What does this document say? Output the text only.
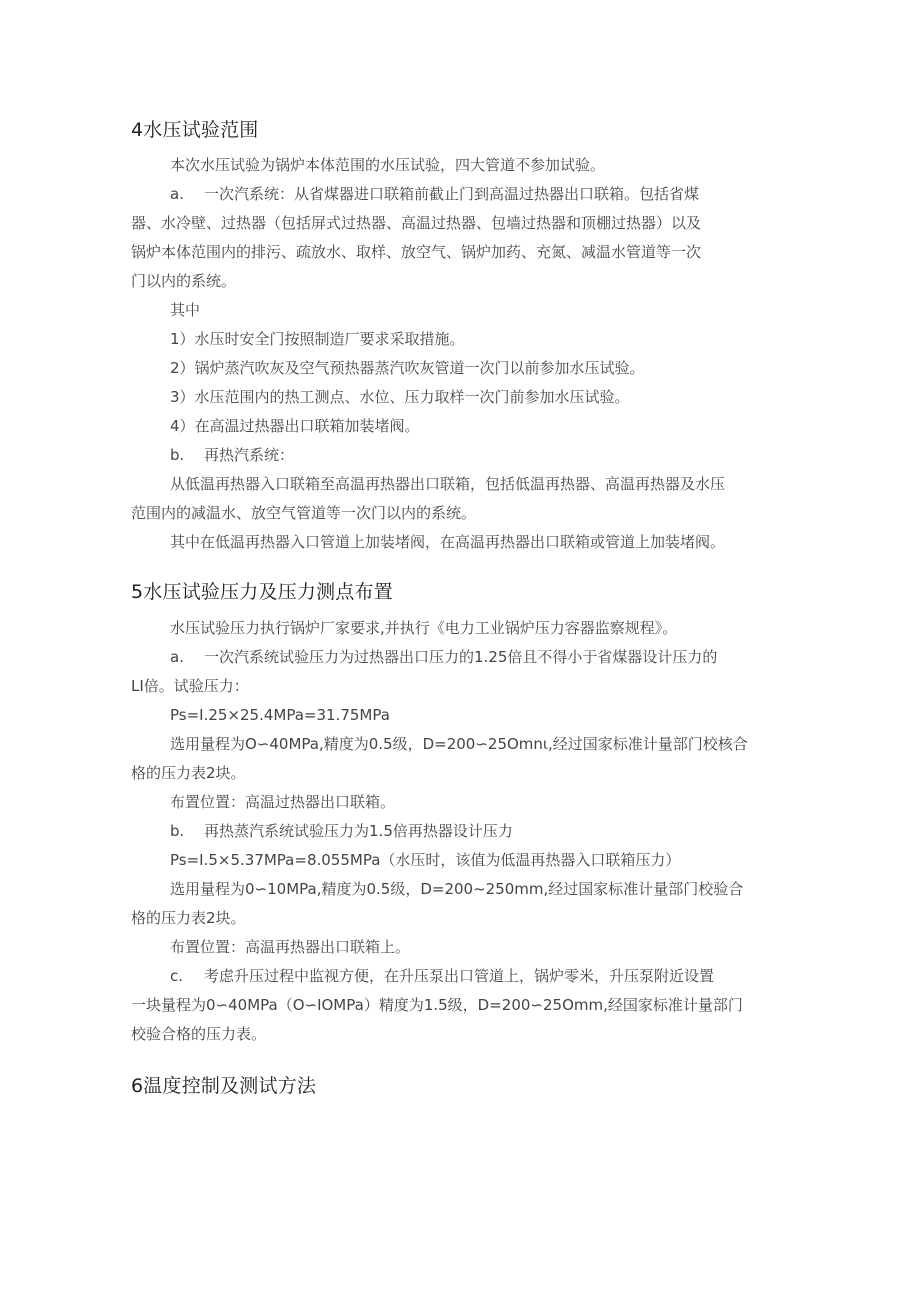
4水压试验范围

本次水压试验为锅炉本体范围的水压试验，四大管道不参加试验。

a. 一次汽系统：从省煤器进口联箱前截止门到高温过热器出口联箱。包括省煤

器、水冷壁、过热器（包括屏式过热器、高温过热器、包墙过热器和顶棚过热器）以及

锅炉本体范围内的排污、疏放水、取样、放空气、锅炉加药、充氮、减温水管道等一次

门以内的系统。

其中

1）水压时安全门按照制造厂要求采取措施。

2）锅炉蒸汽吹灰及空气预热器蒸汽吹灰管道一次门以前参加水压试验。

3）水压范围内的热工测点、水位、压力取样一次门前参加水压试验。

4）在高温过热器出口联箱加装堵阀。

b. 再热汽系统：

从低温再热器入口联箱至高温再热器出口联箱，包括低温再热器、高温再热器及水压

范围内的减温水、放空气管道等一次门以内的系统。

其中在低温再热器入口管道上加装堵阀，在高温再热器出口联箱或管道上加装堵阀。

5水压试验压力及压力测点布置

水压试验压力执行锅炉厂家要求,并执行《电力工业锅炉压力容器监察规程》。

a. 一次汽系统试验压力为过热器出口压力的1.25倍且不得小于省煤器设计压力的

LI倍。试验压力：

Ps=I.25×25.4MPa=31.75MPa

选用量程为O∽40MPa,精度为0.5级，D=200∽25Omnι,经过国家标准计量部门校核合

格的压力表2块。

布置位置：高温过热器出口联箱。

b. 再热蒸汽系统试验压力为1.5倍再热器设计压力

Ps=I.5×5.37MPa=8.055MPa（水压时，该值为低温再热器入口联箱压力）

选用量程为0∽10MPa,精度为0.5级，D=200~250mm,经过国家标准计量部门校验合

格的压力表2块。

布置位置：高温再热器出口联箱上。

c. 考虑升压过程中监视方便，在升压泵出口管道上，锅炉零米，升压泵附近设置

一块量程为0∽40MPa（O∽IOMPa）精度为1.5级，D=200∽25Omm,经国家标准计量部门

校验合格的压力表。

6温度控制及测试方法
